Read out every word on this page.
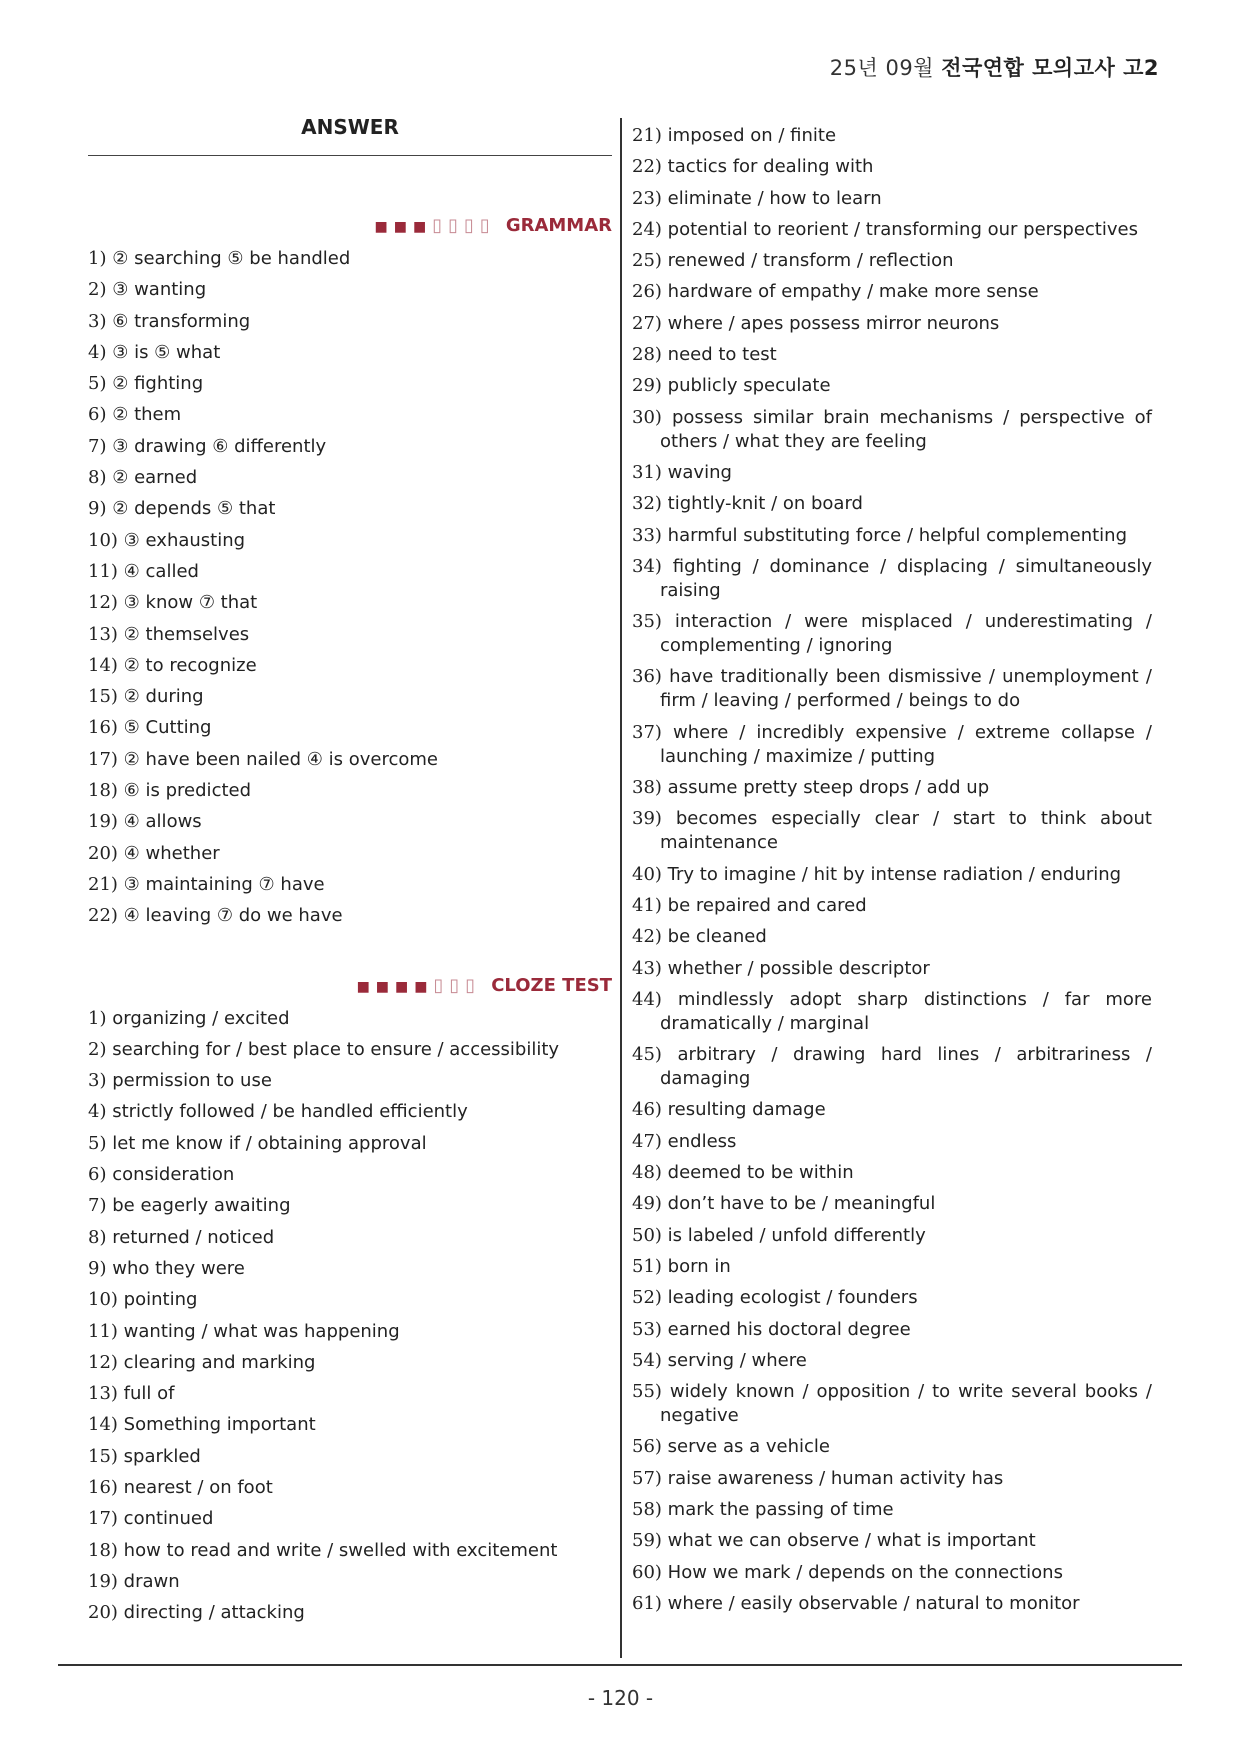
25년 09월 전국연합 모의고사 고2
ANSWER
■■■▯▯▯▯ GRAMMAR
1) ② searching ⑤ be handled
2) ③ wanting
3) ⑥ transforming
4) ③ is ⑤ what
5) ② fighting
6) ② them
7) ③ drawing ⑥ differently
8) ② earned
9) ② depends ⑤ that
10) ③ exhausting
11) ④ called
12) ③ know ⑦ that
13) ② themselves
14) ② to recognize
15) ② during
16) ⑤ Cutting
17) ② have been nailed ④ is overcome
18) ⑥ is predicted
19) ④ allows
20) ④ whether
21) ③ maintaining ⑦ have
22) ④ leaving ⑦ do we have
■■■■▯▯▯ CLOZE TEST
1) organizing / excited
2) searching for / best place to ensure / accessibility
3) permission to use
4) strictly followed / be handled efficiently
5) let me know if / obtaining approval
6) consideration
7) be eagerly awaiting
8) returned / noticed
9) who they were
10) pointing
11) wanting / what was happening
12) clearing and marking
13) full of
14) Something important
15) sparkled
16) nearest / on foot
17) continued
18) how to read and write / swelled with excitement
19) drawn
20) directing / attacking
21) imposed on / finite
22) tactics for dealing with
23) eliminate / how to learn
24) potential to reorient / transforming our perspectives
25) renewed / transform / reflection
26) hardware of empathy / make more sense
27) where / apes possess mirror neurons
28) need to test
29) publicly speculate
30) possess similar brain mechanisms / perspective of others / what they are feeling
31) waving
32) tightly-knit / on board
33) harmful substituting force / helpful complementing
34) fighting / dominance / displacing / simultaneously raising
35) interaction / were misplaced / underestimating / complementing / ignoring
36) have traditionally been dismissive / unemployment / firm / leaving / performed / beings to do
37) where / incredibly expensive / extreme collapse / launching / maximize / putting
38) assume pretty steep drops / add up
39) becomes especially clear / start to think about maintenance
40) Try to imagine / hit by intense radiation / enduring
41) be repaired and cared
42) be cleaned
43) whether / possible descriptor
44) mindlessly adopt sharp distinctions / far more dramatically / marginal
45) arbitrary / drawing hard lines / arbitrariness / damaging
46) resulting damage
47) endless
48) deemed to be within
49) don’t have to be / meaningful
50) is labeled / unfold differently
51) born in
52) leading ecologist / founders
53) earned his doctoral degree
54) serving / where
55) widely known / opposition / to write several books / negative
56) serve as a vehicle
57) raise awareness / human activity has
58) mark the passing of time
59) what we can observe / what is important
60) How we mark / depends on the connections
61) where / easily observable / natural to monitor
- 120 -
